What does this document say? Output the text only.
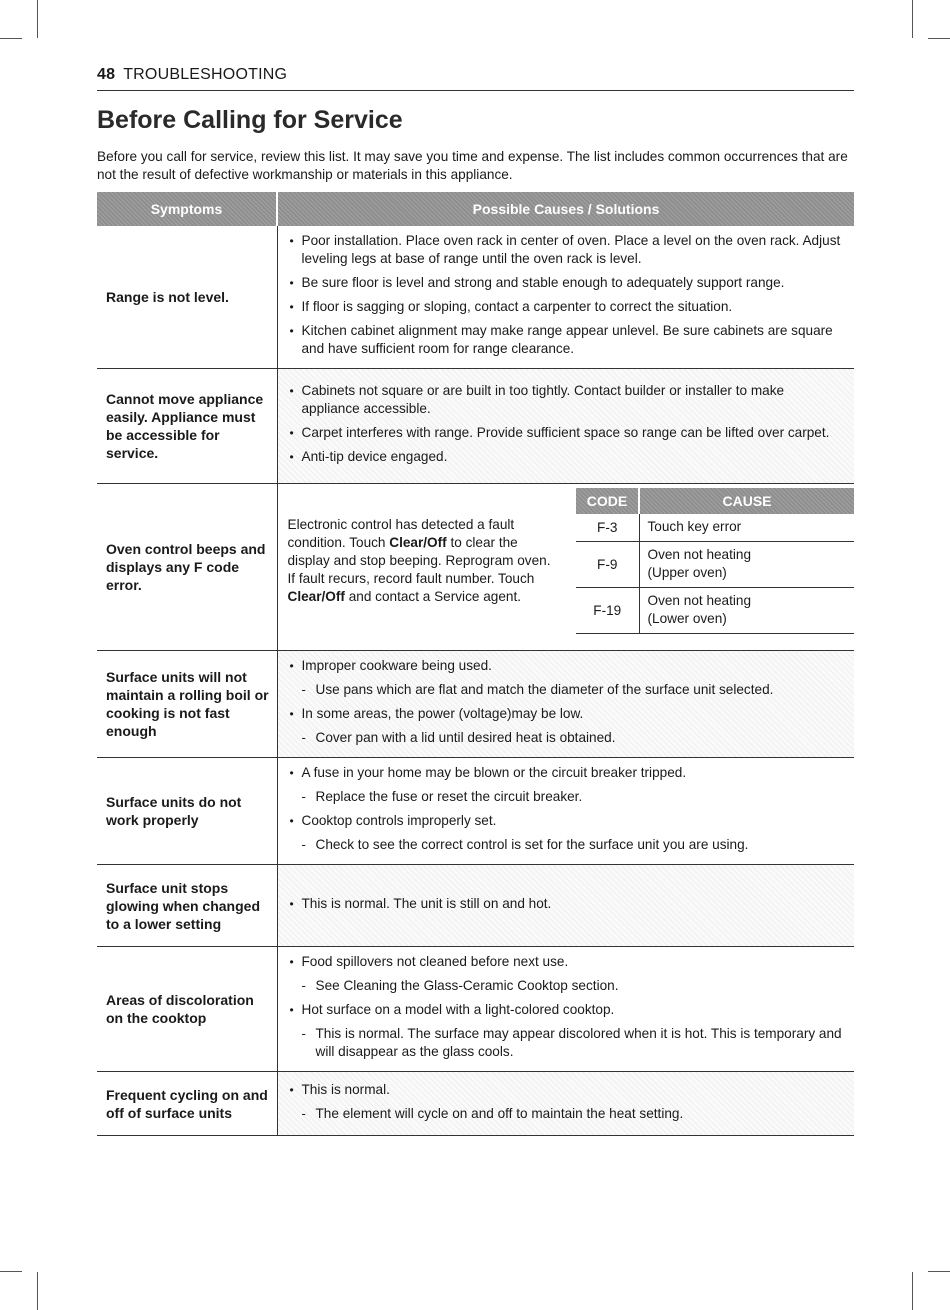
48 TROUBLESHOOTING
Before Calling for Service

Before you call for service, review this list. It may save you time and expense. The list includes common occurrences that are not the result of defective workmanship or materials in this appliance.

Symptoms	Possible Causes / Solutions
Range is not level.	
• Poor installation. Place oven rack in center of oven. Place a level on the oven rack. Adjust leveling legs at base of range until the oven rack is level.
• Be sure floor is level and strong and stable enough to adequately support range.
• If floor is sagging or sloping, contact a carpenter to correct the situation.
• Kitchen cabinet alignment may make range appear unlevel. Be sure cabinets are square and have sufficient room for range clearance.

Cannot move appliance easily. Appliance must be accessible for service.	
• Cabinets not square or are built in too tightly. Contact builder or installer to make appliance accessible.
• Carpet interferes with range. Provide sufficient space so range can be lifted over carpet.
• Anti-tip device engaged.

Oven control beeps and displays any F code error.	
Electronic control has detected a fault condition. Touch Clear/Off to clear the display and stop beeping. Reprogram oven. If fault recurs, record fault number. Touch Clear/Off and contact a Service agent.
CODE	CAUSE
F-3	Touch key error
F-9	Oven not heating
(Upper oven)
F-19	Oven not heating
(Lower oven)

Surface units will not maintain a rolling boil or cooking is not fast enough	
• Improper cookware being used.
- Use pans which are flat and match the diameter of the surface unit selected.
• In some areas, the power (voltage)may be low.
- Cover pan with a lid until desired heat is obtained.

Surface units do not work properly	
• A fuse in your home may be blown or the circuit breaker tripped.
- Replace the fuse or reset the circuit breaker.
• Cooktop controls improperly set.
- Check to see the correct control is set for the surface unit you are using.

Surface unit stops glowing when changed to a lower setting	
• This is normal. The unit is still on and hot.

Areas of discoloration on the cooktop	
• Food spillovers not cleaned before next use.
- See Cleaning the Glass-Ceramic Cooktop section.
• Hot surface on a model with a light-colored cooktop.
- This is normal. The surface may appear discolored when it is hot. This is temporary and will disappear as the glass cools.

Frequent cycling on and off of surface units	
• This is normal.
- The element will cycle on and off to maintain the heat setting.
